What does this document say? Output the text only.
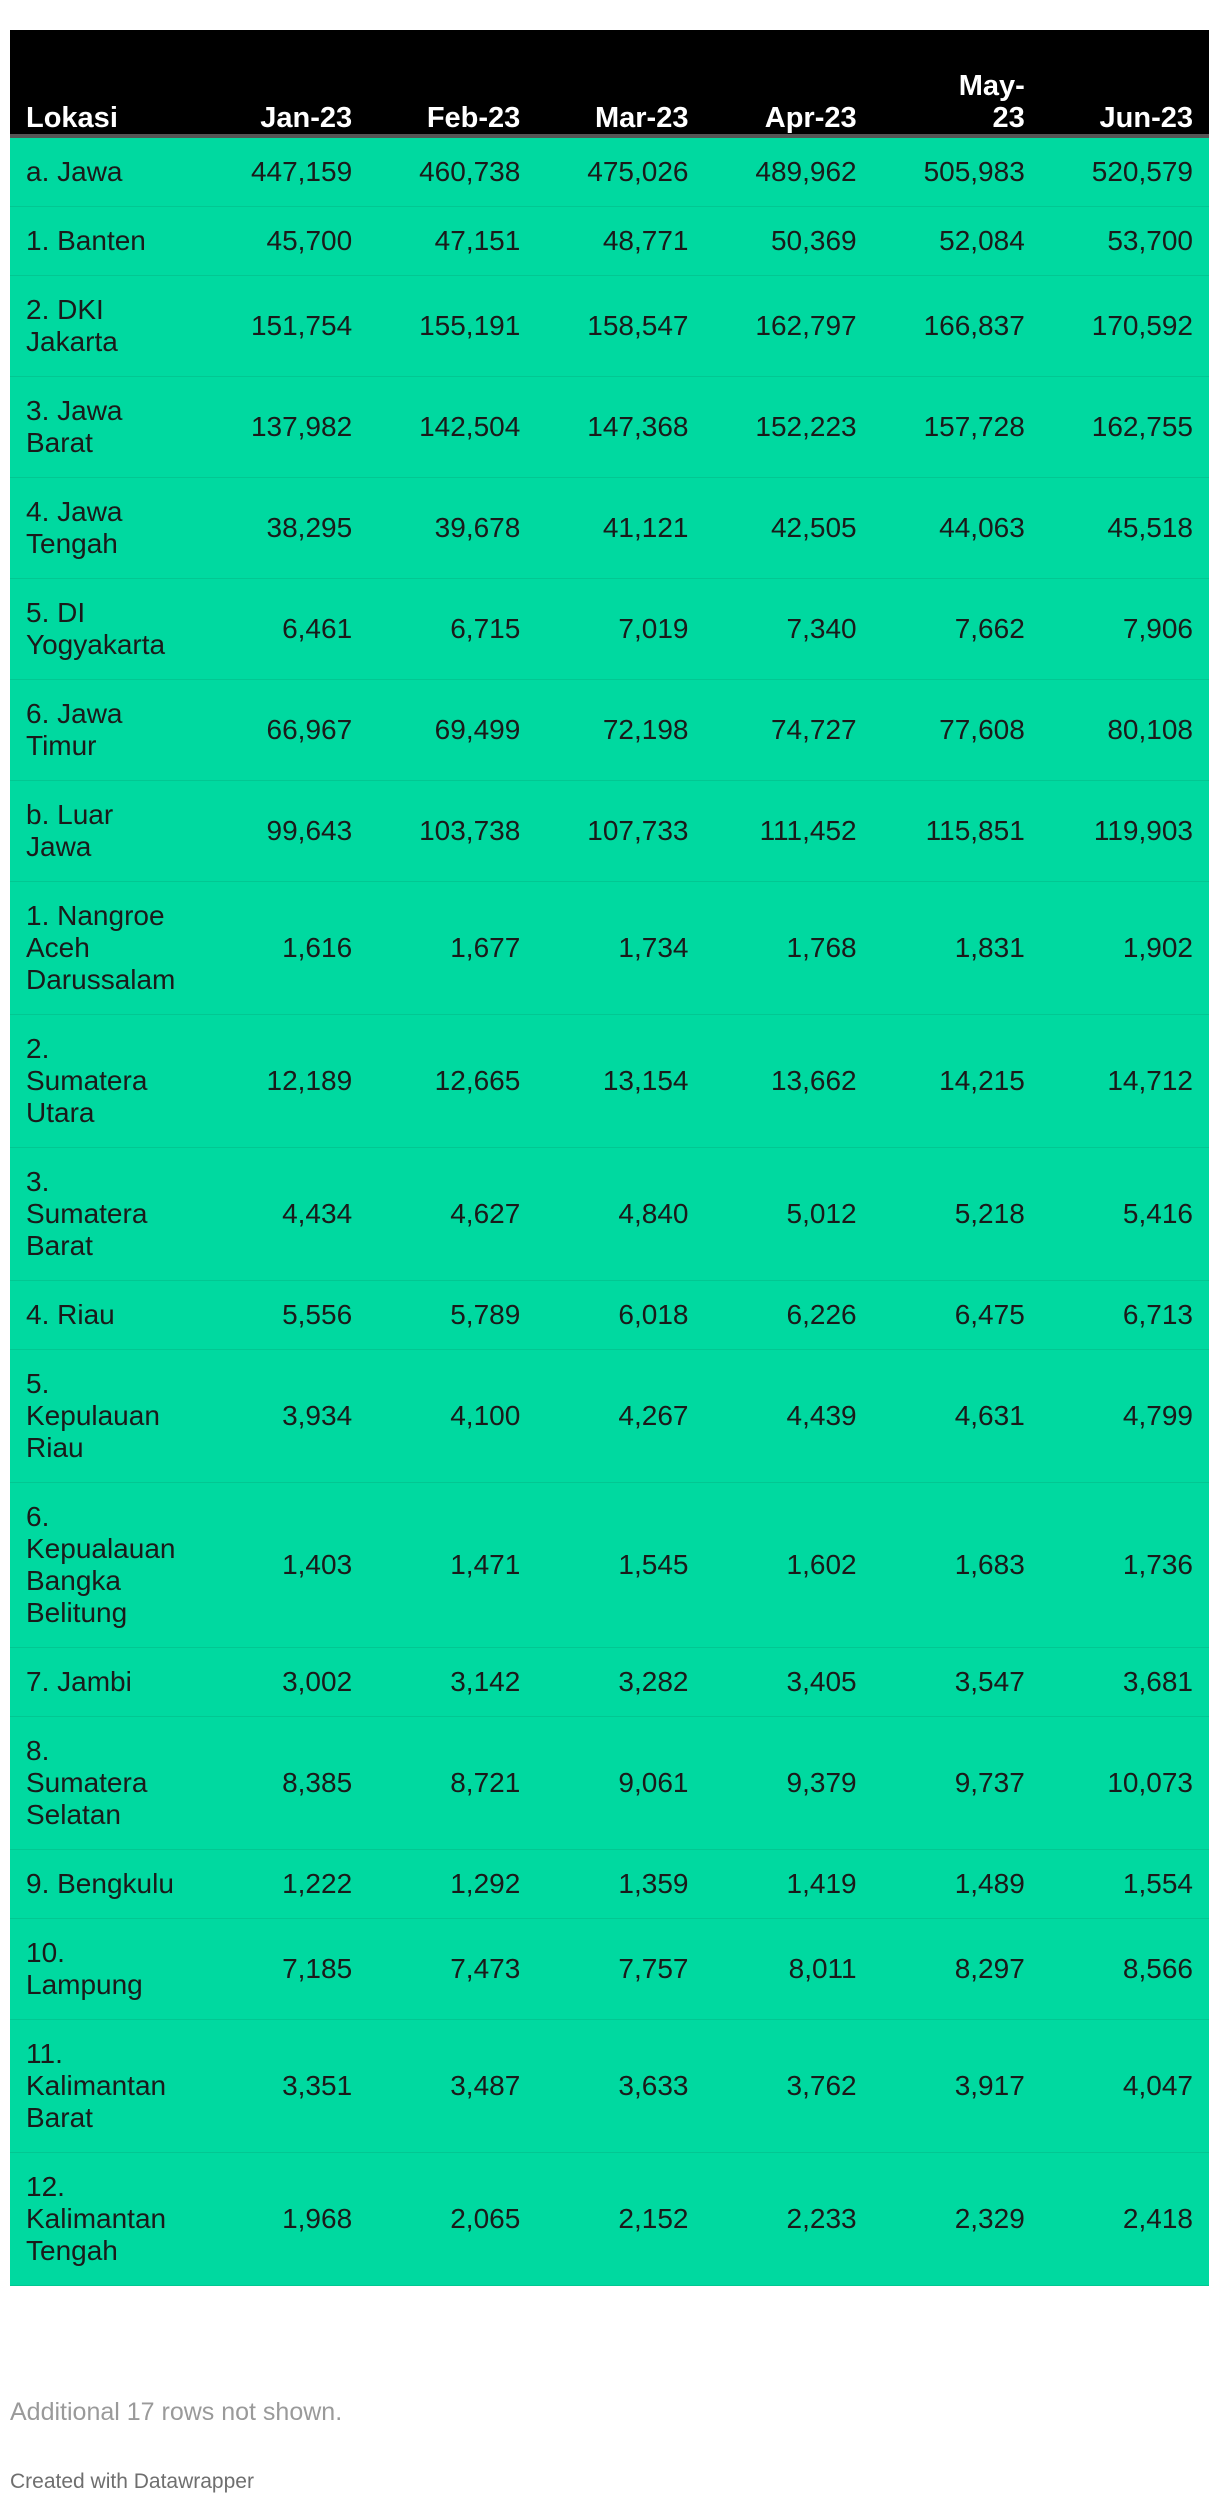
Lokasi	Jan-23	Feb-23	Mar-23	Apr-23	May-
23	Jun-23
a. Jawa	447,159	460,738	475,026	489,962	505,983	520,579
1. Banten	45,700	47,151	48,771	50,369	52,084	53,700
2. DKI
Jakarta	151,754	155,191	158,547	162,797	166,837	170,592
3. Jawa
Barat	137,982	142,504	147,368	152,223	157,728	162,755
4. Jawa
Tengah	38,295	39,678	41,121	42,505	44,063	45,518
5. DI
Yogyakarta	6,461	6,715	7,019	7,340	7,662	7,906
6. Jawa
Timur	66,967	69,499	72,198	74,727	77,608	80,108
b. Luar
Jawa	99,643	103,738	107,733	111,452	115,851	119,903
1. Nangroe
Aceh
Darussalam	1,616	1,677	1,734	1,768	1,831	1,902
2.
Sumatera
Utara	12,189	12,665	13,154	13,662	14,215	14,712
3.
Sumatera
Barat	4,434	4,627	4,840	5,012	5,218	5,416
4. Riau	5,556	5,789	6,018	6,226	6,475	6,713
5.
Kepulauan
Riau	3,934	4,100	4,267	4,439	4,631	4,799
6.
Kepualauan
Bangka
Belitung	1,403	1,471	1,545	1,602	1,683	1,736
7. Jambi	3,002	3,142	3,282	3,405	3,547	3,681
8.
Sumatera
Selatan	8,385	8,721	9,061	9,379	9,737	10,073
9. Bengkulu	1,222	1,292	1,359	1,419	1,489	1,554
10.
Lampung	7,185	7,473	7,757	8,011	8,297	8,566
11.
Kalimantan
Barat	3,351	3,487	3,633	3,762	3,917	4,047
12.
Kalimantan
Tengah	1,968	2,065	2,152	2,233	2,329	2,418
Additional 17 rows not shown.
Created with Datawrapper
